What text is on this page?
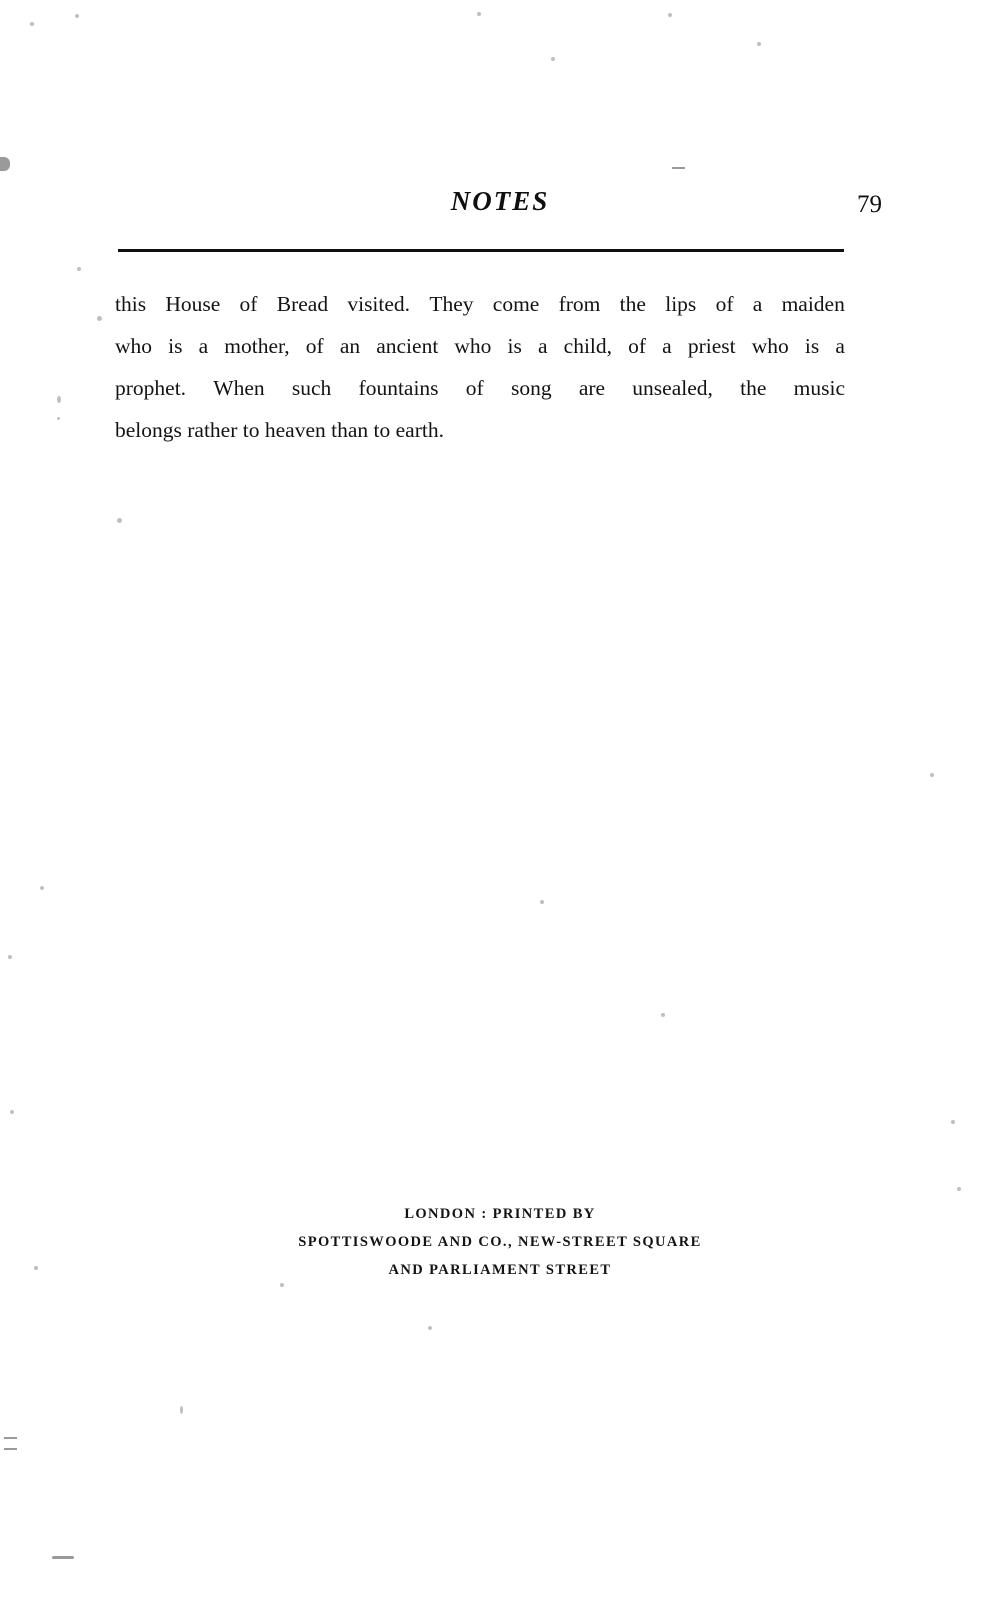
NOTES	79
this House of Bread visited. They come from the lips of a maiden
who is a mother, of an ancient who is a child, of a priest who is a
prophet. When such fountains of song are unsealed, the music
belongs rather to heaven than to earth.
LONDON : PRINTED BY
SPOTTISWOODE AND CO., NEW-STREET SQUARE
AND PARLIAMENT STREET
